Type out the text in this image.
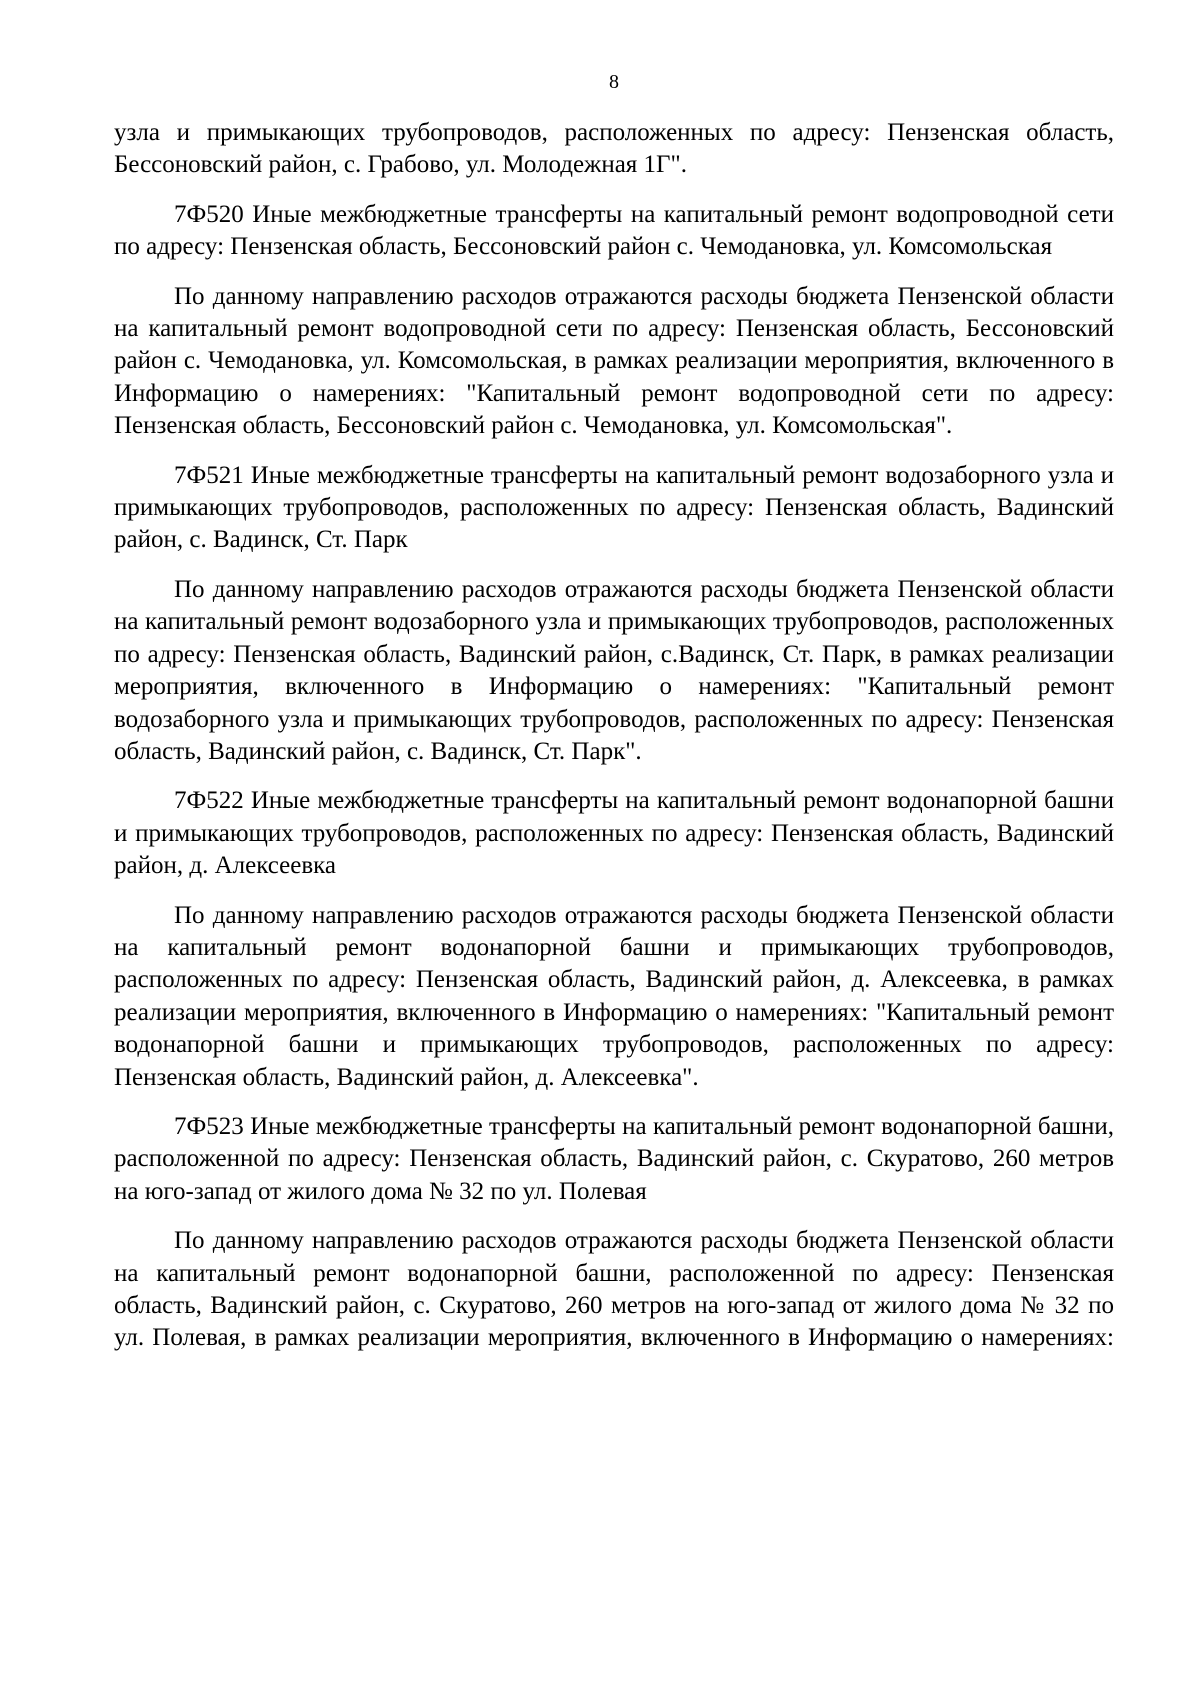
8

узла и примыкающих трубопроводов, расположенных по адресу: Пензенская область, Бессоновский район, с. Грабово, ул. Молодежная 1Г".

7Ф520 Иные межбюджетные трансферты на капитальный ремонт водопроводной сети по адресу: Пензенская область, Бессоновский район с. Чемодановка, ул. Комсомольская

По данному направлению расходов отражаются расходы бюджета Пензенской области на капитальный ремонт водопроводной сети по адресу: Пензенская область, Бессоновский район с. Чемодановка, ул. Комсомольская, в рамках реализации мероприятия, включенного в Информацию о намерениях: "Капитальный ремонт водопроводной сети по адресу: Пензенская область, Бессоновский район с. Чемодановка, ул. Комсомольская".

7Ф521 Иные межбюджетные трансферты на капитальный ремонт водозаборного узла и примыкающих трубопроводов, расположенных по адресу: Пензенская область, Вадинский район, с. Вадинск, Ст. Парк

По данному направлению расходов отражаются расходы бюджета Пензенской области на капитальный ремонт водозаборного узла и примыкающих трубопроводов, расположенных по адресу: Пензенская область, Вадинский район, с.Вадинск, Ст. Парк, в рамках реализации мероприятия, включенного в Информацию о намерениях: "Капитальный ремонт водозаборного узла и примыкающих трубопроводов, расположенных по адресу: Пензенская область, Вадинский район, с. Вадинск, Ст. Парк".

7Ф522 Иные межбюджетные трансферты на капитальный ремонт водонапорной башни и примыкающих трубопроводов, расположенных по адресу: Пензенская область, Вадинский район, д. Алексеевка

По данному направлению расходов отражаются расходы бюджета Пензенской области на капитальный ремонт водонапорной башни и примыкающих трубопроводов, расположенных по адресу: Пензенская область, Вадинский район, д. Алексеевка, в рамках реализации мероприятия, включенного в Информацию о намерениях: "Капитальный ремонт водонапорной башни и примыкающих трубопроводов, расположенных по адресу: Пензенская область, Вадинский район, д. Алексеевка".

7Ф523 Иные межбюджетные трансферты на капитальный ремонт водонапорной башни, расположенной по адресу: Пензенская область, Вадинский район, с. Скуратово, 260 метров на юго-запад от жилого дома № 32 по ул. Полевая

По данному направлению расходов отражаются расходы бюджета Пензенской области на капитальный ремонт водонапорной башни, расположенной по адресу: Пензенская область, Вадинский район, с. Скуратово, 260 метров на юго-запад от жилого дома № 32 по ул. Полевая, в рамках реализации мероприятия, включенного в Информацию о намерениях:
